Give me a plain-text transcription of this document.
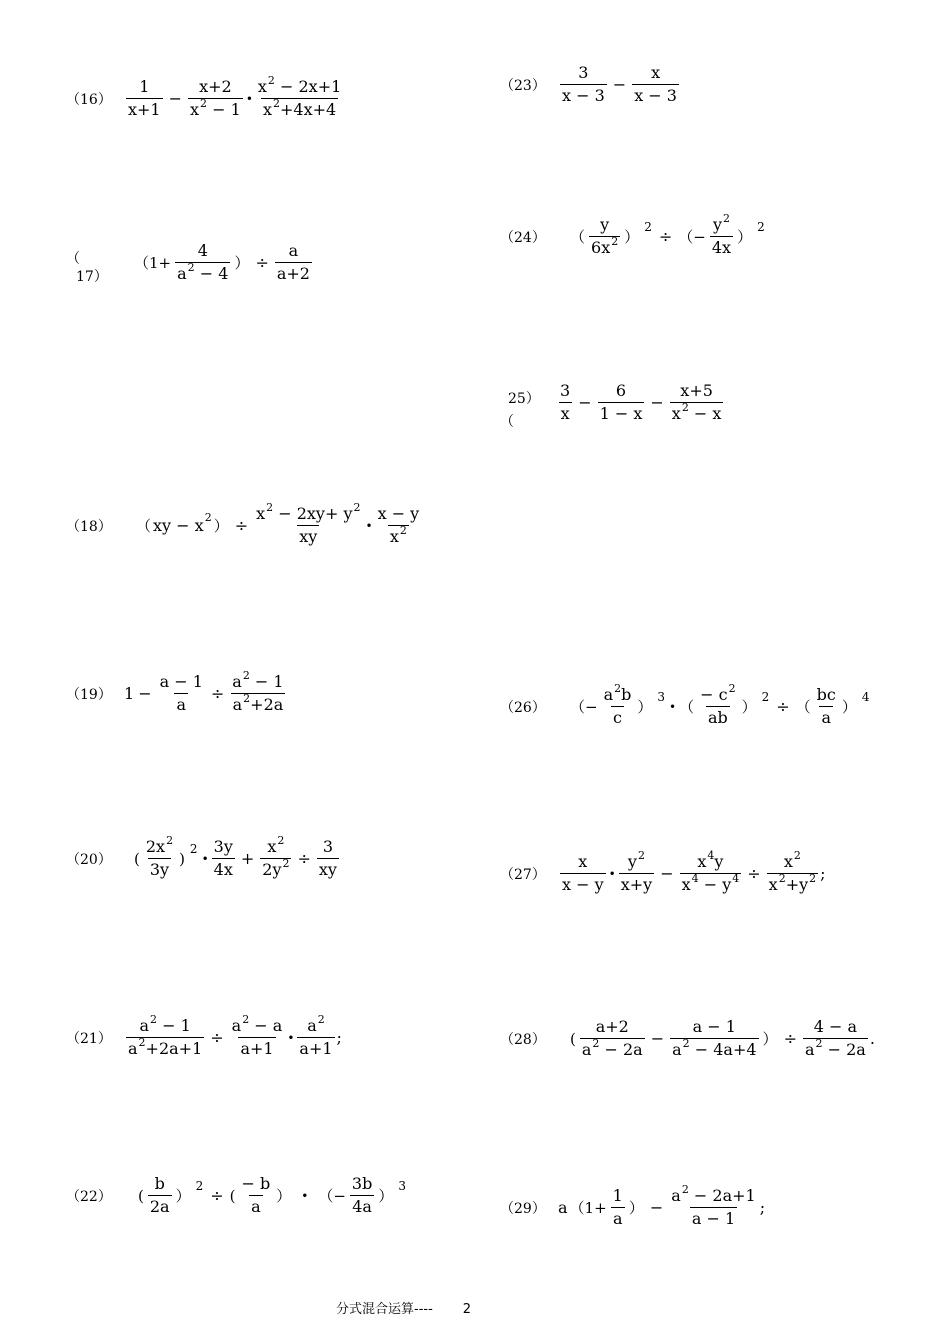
$(16) \frac{1}{x+1} - \frac{x+2}{x^2 - 1}$ • $\frac{x^2 - 2x+1}{x^2+4x+4}$
（
17）
（$1+ \frac{4}{a^2 - 4}$ ） ÷ $\frac{a}{a+2}$
（18）	（ xy − x 2 ） ÷ $\frac{x^2 - 2xy+ y^2}{xy}$ • $\frac{x - y}{x^2}$
（19） $1 - \frac{a - 1}{a} \div \frac{a^2 - 1}{a^2+2a}$
（20）	( $\frac{2x^2}{3y}$ )
2
• $\frac{3y}{4x} + \frac{x^2}{2y^2} \div \frac{3}{xy}$
$(21) \frac{a^2 - 1}{a^2+2a+1} \div \frac{a^2 - a}{a+1}$ • $\frac{a^2}{a+1}$ ;
（22）	( $\frac{b}{2a}$ ）
2
÷ ( $\frac{- b}{a}$ ） • （− $\frac{3b}{4a}$ ）
3
$(23) \frac{3}{x - 3} - \frac{x}{x - 3}$
（24）	（ $\frac{y}{6x^2}$ ）
2
÷ （− $\frac{y^2}{4x}$ ）
2
25）
（	$\frac{3}{x} - \frac{6}{1 - x} - \frac{x+5}{x^2 - x}$
（26）	（− $\frac{a^2b}{c}$ ）
3
• （ $\frac{- c^2}{ab}$ ）
2
÷ （ $\frac{bc}{a}$ ）
4
$(27) \frac{x}{x - y}$ • $\frac{y^2}{x+y} - \frac{x^4y}{x^4 - y^4} \div \frac{x^2}{x^2+y^2}$ ;
（28）	( $\frac{a+2}{a^2 - 2a} - \frac{a - 1}{a^2 - 4a+4}$ ） ÷ $\frac{4 - a}{a^2 - 2a}$ .
（29） a （$1+ \frac{1}{a}$ ） − $\frac{a^2 - 2a+1}{a - 1}$ ;
分式混合运算---- 2
